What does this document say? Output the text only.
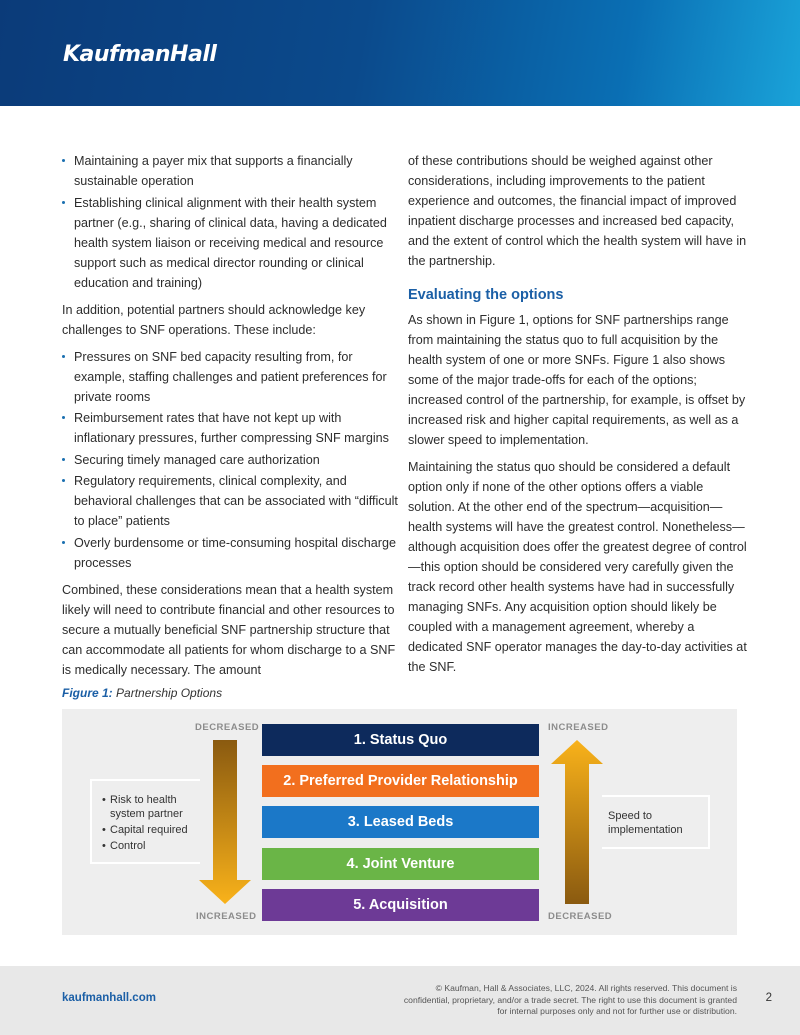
KaufmanHall
Maintaining a payer mix that supports a financially sustainable operation
Establishing clinical alignment with their health system partner (e.g., sharing of clinical data, having a dedicated health system liaison or receiving medical and resource support such as medical director rounding or clinical education and training)

In addition, potential partners should acknowledge key challenges to SNF operations. These include:

Pressures on SNF bed capacity resulting from, for example, staffing challenges and patient preferences for private rooms
Reimbursement rates that have not kept up with inflationary pressures, further compressing SNF margins
Securing timely managed care authorization
Regulatory requirements, clinical complexity, and behavioral challenges that can be associated with “difficult to place” patients
Overly burdensome or time-consuming hospital discharge processes

Combined, these considerations mean that a health system likely will need to contribute financial and other resources to secure a mutually beneficial SNF partnership structure that can accommodate all patients for whom discharge to a SNF is medically necessary. The amount

of these contributions should be weighed against other considerations, including improvements to the patient experience and outcomes, the financial impact of improved inpatient discharge processes and increased bed capacity, and the extent of control which the health system will have in the partnership.

Evaluating the options

As shown in Figure 1, options for SNF partnerships range from maintaining the status quo to full acquisition by the health system of one or more SNFs. Figure 1 also shows some of the major trade-offs for each of the options; increased control of the partnership, for example, is offset by increased risk and higher capital requirements, as well as a slower speed to implementation.

Maintaining the status quo should be considered a default option only if none of the other options offers a viable solution. At the other end of the spectrum—acquisition—health systems will have the greatest control. Nonetheless—although acquisition does offer the greatest degree of control—this option should be considered very carefully given the track record other health systems have had in successfully managing SNFs. Any acquisition option should likely be coupled with a management agreement, whereby a dedicated SNF operator manages the day-to-day activities at the SNF.

Figure 1: Partnership Options
DECREASED
INCREASED
INCREASED
DECREASED
• Risk to health system partner
• Capital required
• Control
Speed to implementation
1. Status Quo
2. Preferred Provider Relationship
3. Leased Beds
4. Joint Venture
5. Acquisition
kaufmanhall.com
© Kaufman, Hall & Associates, LLC, 2024. All rights reserved. This document is confidential, proprietary, and/or a trade secret. The right to use this document is granted for internal purposes only and not for further use or distribution.
2
